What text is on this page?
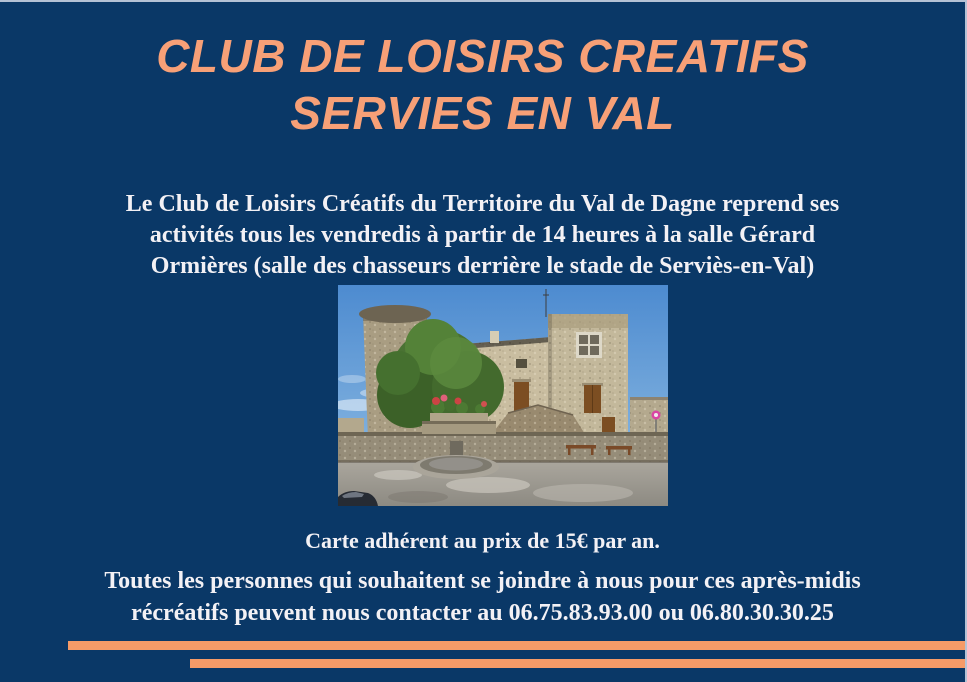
CLUB DE LOISIRS CREATIFS
SERVIES EN VAL
Le Club de Loisirs Créatifs du Territoire du Val de Dagne reprend ses
activités tous les vendredis à partir de 14 heures à la salle Gérard
Ormières (salle des chasseurs derrière le stade de Serviès-en-Val)
Carte adhérent au prix de 15€ par an.
Toutes les personnes qui souhaitent se joindre à nous pour ces après-midis
récréatifs peuvent nous contacter au 06.75.83.93.00 ou 06.80.30.30.25
